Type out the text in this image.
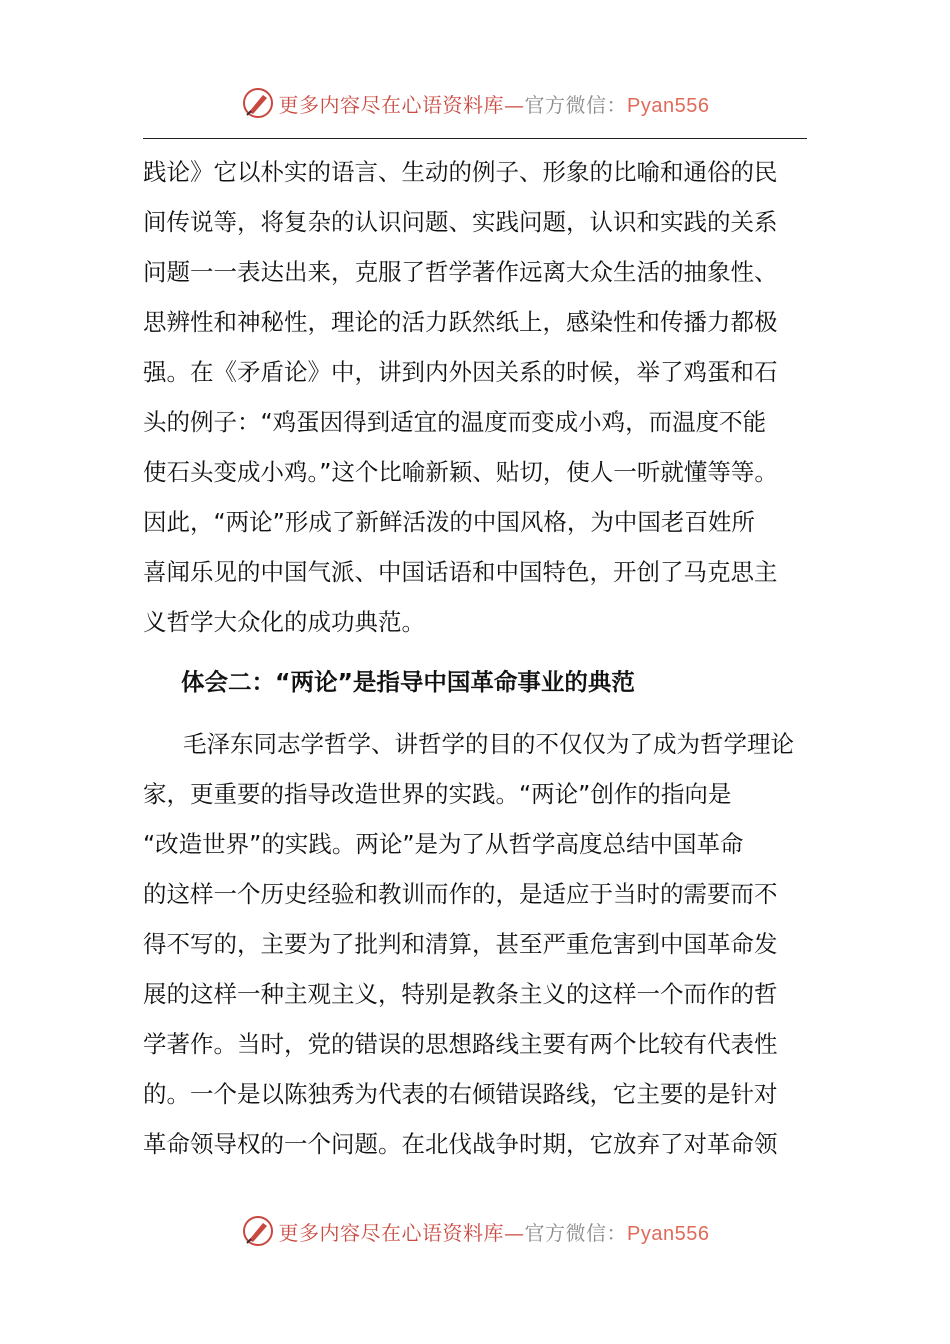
更多内容尽在心语资料库—官方微信：Pyan556

践论》它以朴实的语言、生动的例子、形象的比喻和通俗的民

间传说等，将复杂的认识问题、实践问题，认识和实践的关系

问题一一表达出来，克服了哲学著作远离大众生活的抽象性、

思辨性和神秘性，理论的活力跃然纸上，感染性和传播力都极

强。在《矛盾论》中，讲到内外因关系的时候，举了鸡蛋和石

头的例子：“鸡蛋因得到适宜的温度而变成小鸡，而温度不能

使石头变成小鸡。”这个比喻新颖、贴切，使人一听就懂等等。

因此，“两论”形成了新鲜活泼的中国风格，为中国老百姓所

喜闻乐见的中国气派、中国话语和中国特色，开创了马克思主

义哲学大众化的成功典范。

体会二：“两论”是指导中国革命事业的典范

毛泽东同志学哲学、讲哲学的目的不仅仅为了成为哲学理论

家，更重要的指导改造世界的实践。“两论”创作的指向是

“改造世界”的实践。两论”是为了从哲学高度总结中国革命

的这样一个历史经验和教训而作的，是适应于当时的需要而不

得不写的，主要为了批判和清算，甚至严重危害到中国革命发

展的这样一种主观主义，特别是教条主义的这样一个而作的哲

学著作。当时，党的错误的思想路线主要有两个比较有代表性

的。一个是以陈独秀为代表的右倾错误路线，它主要的是针对

革命领导权的一个问题。在北伐战争时期，它放弃了对革命领

更多内容尽在心语资料库—官方微信：Pyan556
